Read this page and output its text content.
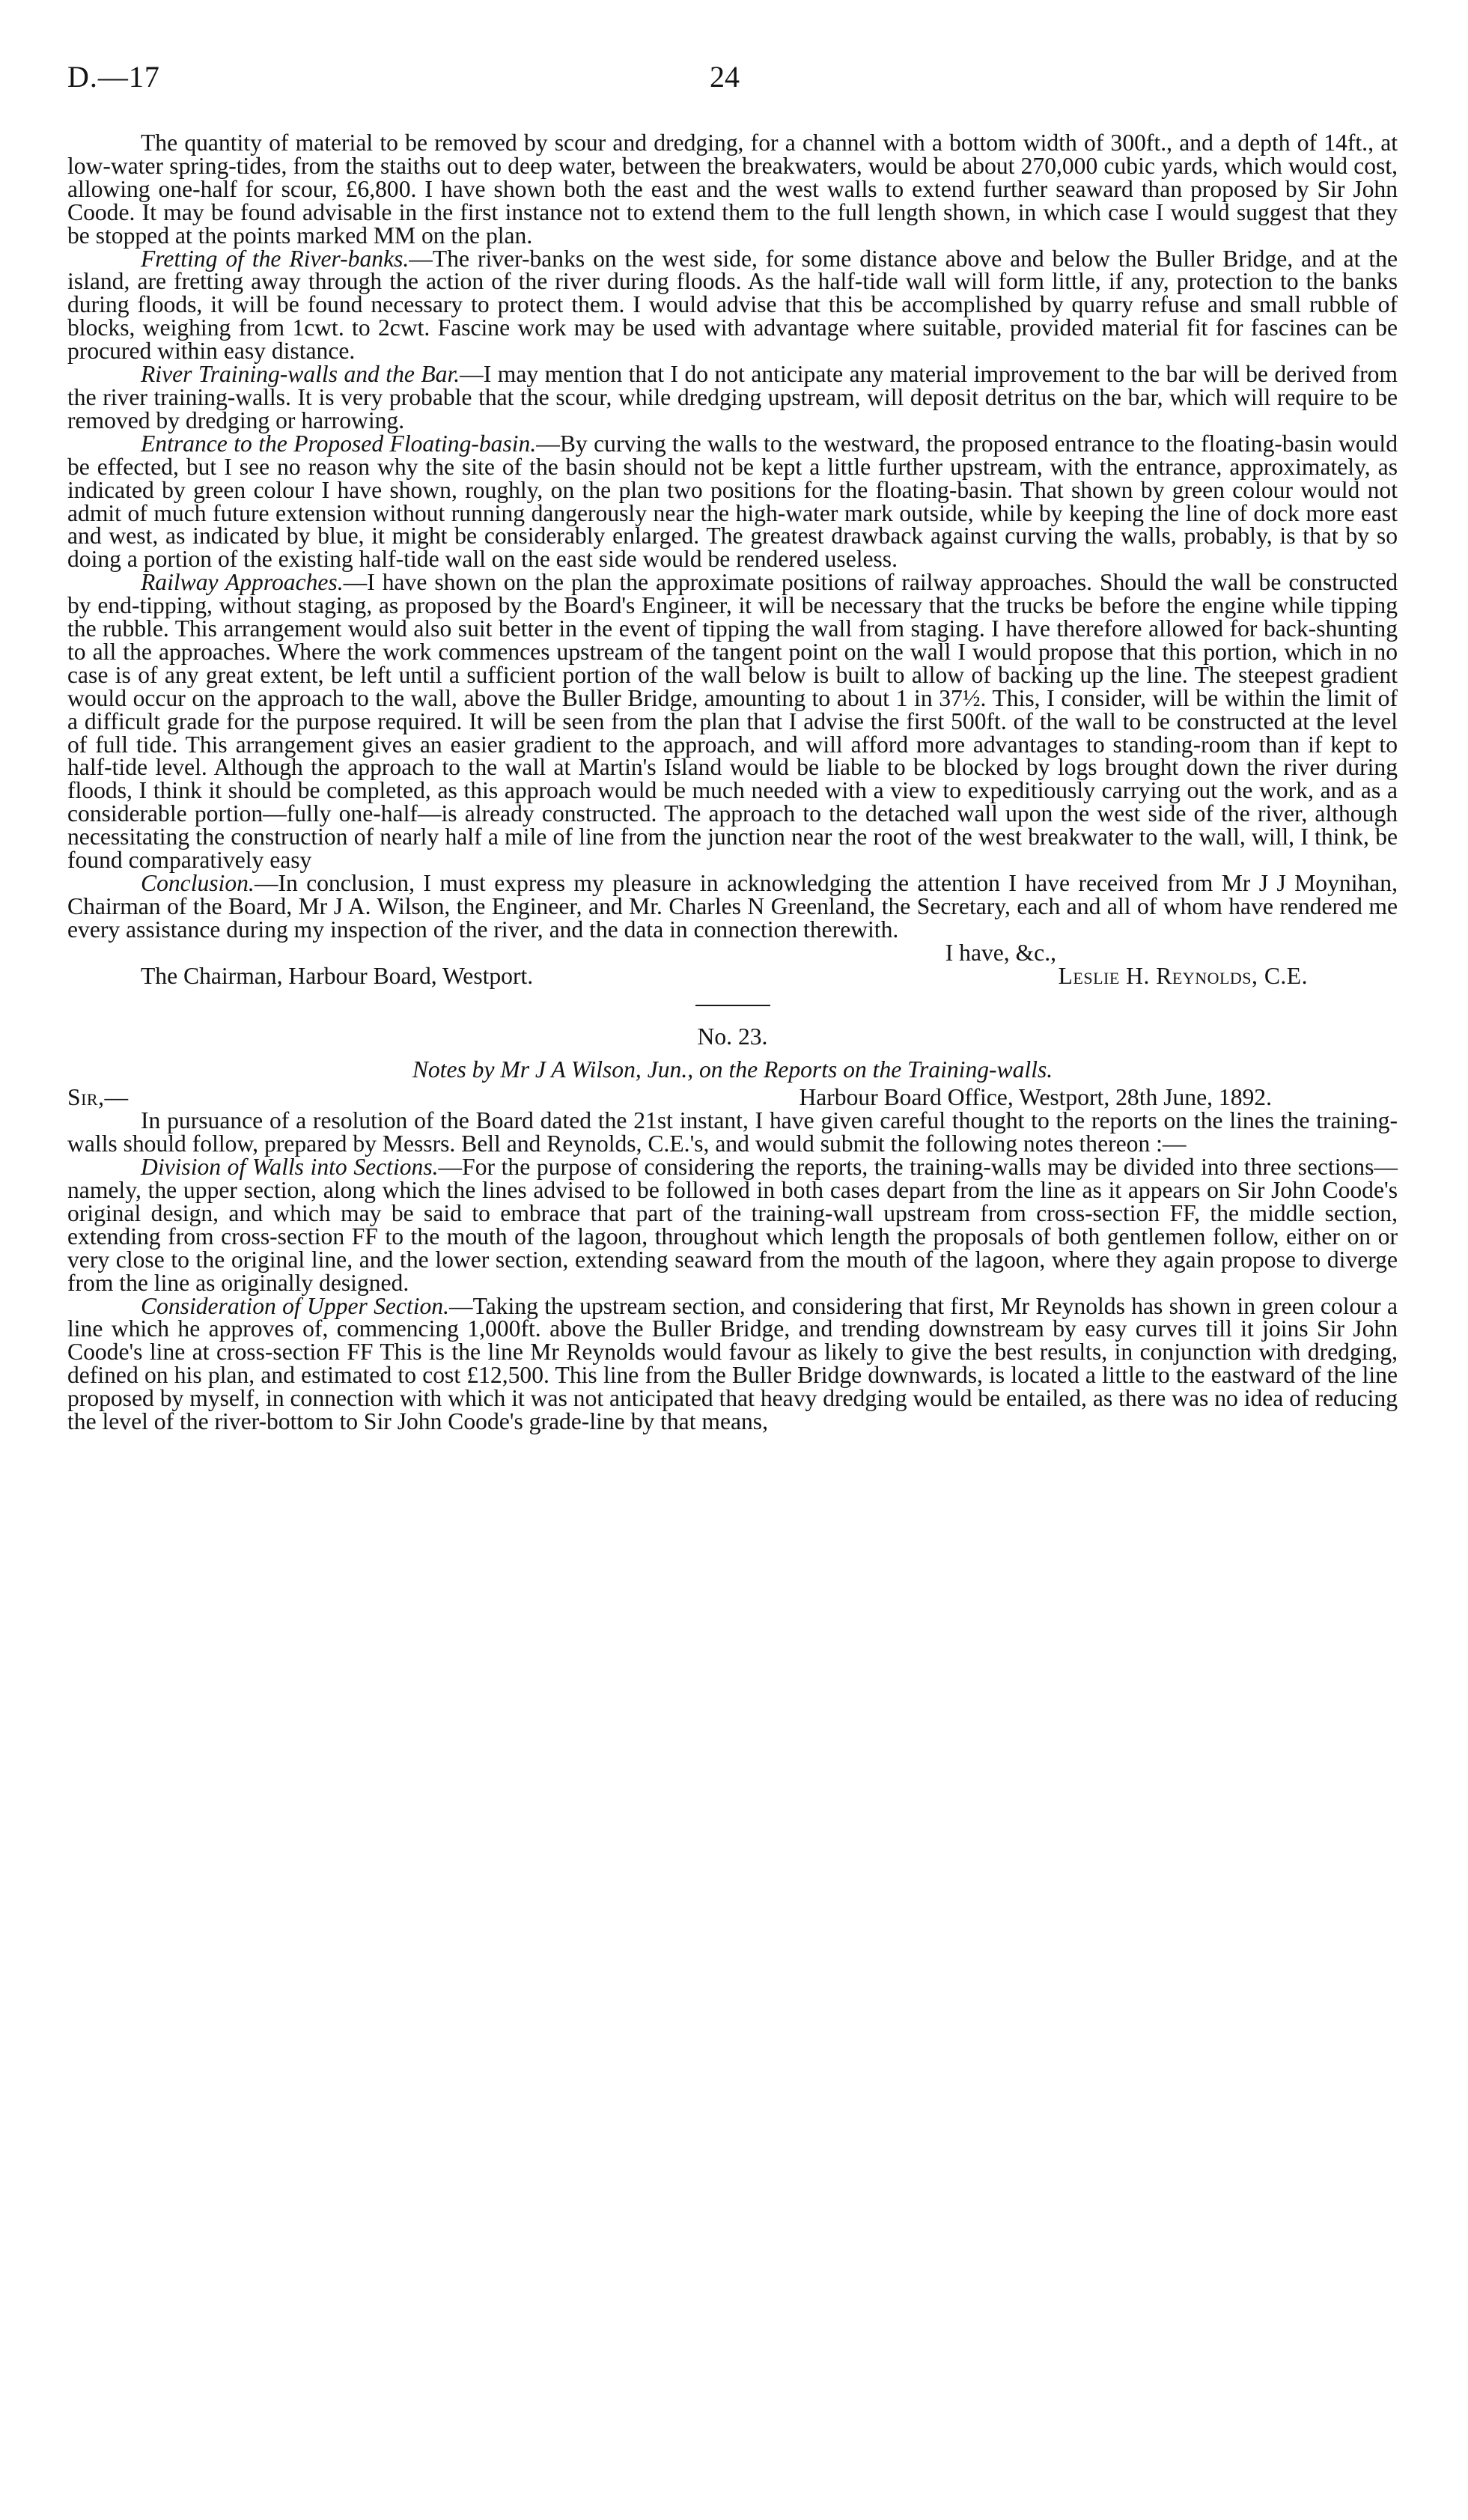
D.—17	24

The quantity of material to be removed by scour and dredging, for a channel with a bottom width of 300ft., and a depth of 14ft., at low-water spring-tides, from the staiths out to deep water, between the breakwaters, would be about 270,000 cubic yards, which would cost, allowing one-half for scour, £6,800. I have shown both the east and the west walls to extend further seaward than proposed by Sir John Coode. It may be found advisable in the first instance not to extend them to the full length shown, in which case I would suggest that they be stopped at the points marked MM on the plan.

Fretting of the River-banks.—The river-banks on the west side, for some distance above and below the Buller Bridge, and at the island, are fretting away through the action of the river during floods. As the half-tide wall will form little, if any, protection to the banks during floods, it will be found necessary to protect them. I would advise that this be accomplished by quarry refuse and small rubble of blocks, weighing from 1cwt. to 2cwt. Fascine work may be used with advantage where suitable, provided material fit for fascines can be procured within easy distance.

River Training-walls and the Bar.—I may mention that I do not anticipate any material improvement to the bar will be derived from the river training-walls. It is very probable that the scour, while dredging upstream, will deposit detritus on the bar, which will require to be removed by dredging or harrowing.

Entrance to the Proposed Floating-basin.—By curving the walls to the westward, the proposed entrance to the floating-basin would be effected, but I see no reason why the site of the basin should not be kept a little further upstream, with the entrance, approximately, as indicated by green colour I have shown, roughly, on the plan two positions for the floating-basin. That shown by green colour would not admit of much future extension without running dangerously near the high-water mark outside, while by keeping the line of dock more east and west, as indicated by blue, it might be considerably enlarged. The greatest drawback against curving the walls, probably, is that by so doing a portion of the existing half-tide wall on the east side would be rendered useless.

Railway Approaches.—I have shown on the plan the approximate positions of railway approaches. Should the wall be constructed by end-tipping, without staging, as proposed by the Board's Engineer, it will be necessary that the trucks be before the engine while tipping the rubble. This arrangement would also suit better in the event of tipping the wall from staging. I have therefore allowed for back-shunting to all the approaches. Where the work commences upstream of the tangent point on the wall I would propose that this portion, which in no case is of any great extent, be left until a sufficient portion of the wall below is built to allow of backing up the line. The steepest gradient would occur on the approach to the wall, above the Buller Bridge, amounting to about 1 in 37½. This, I consider, will be within the limit of a difficult grade for the purpose required. It will be seen from the plan that I advise the first 500ft. of the wall to be constructed at the level of full tide. This arrangement gives an easier gradient to the approach, and will afford more advantages to standing-room than if kept to half-tide level. Although the approach to the wall at Martin's Island would be liable to be blocked by logs brought down the river during floods, I think it should be completed, as this approach would be much needed with a view to expeditiously carrying out the work, and as a considerable portion—fully one-half—is already constructed. The approach to the detached wall upon the west side of the river, although necessitating the construction of nearly half a mile of line from the junction near the root of the west breakwater to the wall, will, I think, be found comparatively easy

Conclusion.—In conclusion, I must express my pleasure in acknowledging the attention I have received from Mr J J Moynihan, Chairman of the Board, Mr J A. Wilson, the Engineer, and Mr. Charles N Greenland, the Secretary, each and all of whom have rendered me every assistance during my inspection of the river, and the data in connection therewith.

I have, &c.,
The Chairman, Harbour Board, Westport.	Leslie H. Reynolds, C.E.

No. 23.

Notes by Mr J A Wilson, Jun., on the Reports on the Training-walls.

Sir,—	Harbour Board Office, Westport, 28th June, 1892.

In pursuance of a resolution of the Board dated the 21st instant, I have given careful thought to the reports on the lines the training-walls should follow, prepared by Messrs. Bell and Reynolds, C.E.'s, and would submit the following notes thereon :—

Division of Walls into Sections.—For the purpose of considering the reports, the training-walls may be divided into three sections—namely, the upper section, along which the lines advised to be followed in both cases depart from the line as it appears on Sir John Coode's original design, and which may be said to embrace that part of the training-wall upstream from cross-section FF, the middle section, extending from cross-section FF to the mouth of the lagoon, throughout which length the proposals of both gentlemen follow, either on or very close to the original line, and the lower section, extending seaward from the mouth of the lagoon, where they again propose to diverge from the line as originally designed.

Consideration of Upper Section.—Taking the upstream section, and considering that first, Mr Reynolds has shown in green colour a line which he approves of, commencing 1,000ft. above the Buller Bridge, and trending downstream by easy curves till it joins Sir John Coode's line at cross-section FF This is the line Mr Reynolds would favour as likely to give the best results, in conjunction with dredging, defined on his plan, and estimated to cost £12,500. This line from the Buller Bridge downwards, is located a little to the eastward of the line proposed by myself, in connection with which it was not anticipated that heavy dredging would be entailed, as there was no idea of reducing the level of the river-bottom to Sir John Coode's grade-line by that means,
